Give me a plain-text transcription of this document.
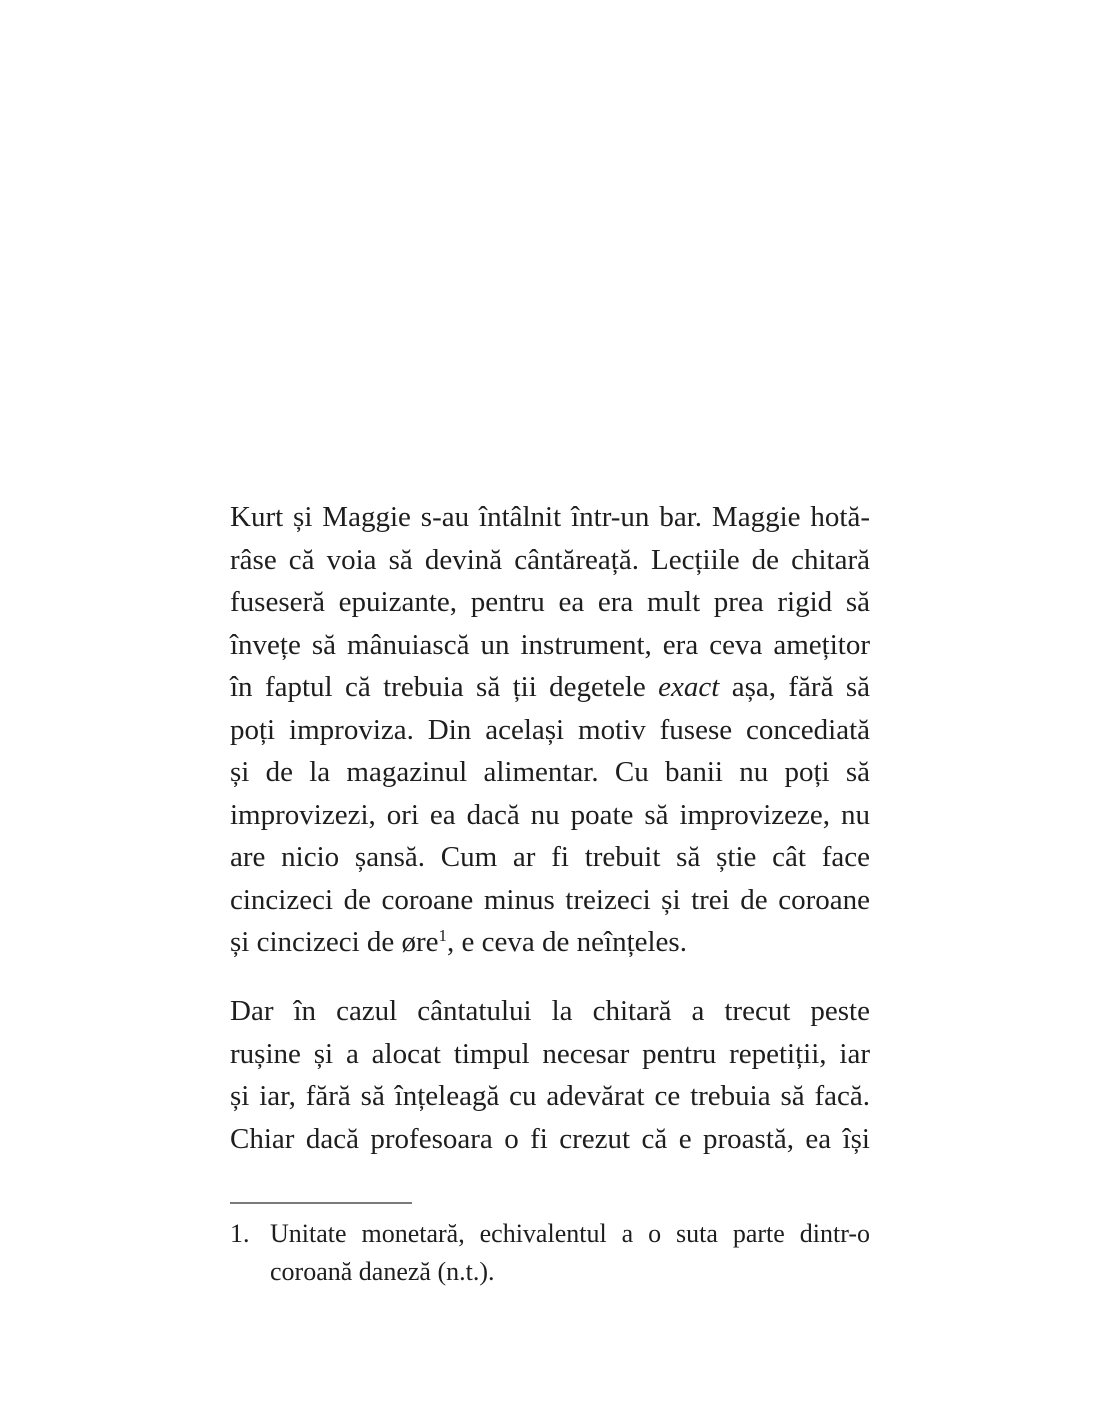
Kurt și Maggie s-au întâlnit într-un bar. Maggie hotă-
râse că voia să devină cântăreață. Lecțiile de chitară
fuseseră epuizante, pentru ea era mult prea rigid să
învețe să mânuiască un instrument, era ceva amețitor
în faptul că trebuia să ții degetele exact așa, fără să
poți improviza. Din același motiv fusese concediată
și de la magazinul alimentar. Cu banii nu poți să
improvizezi, ori ea dacă nu poate să improvizeze, nu
are nicio șansă. Cum ar fi trebuit să știe cât face
cincizeci de coroane minus treizeci și trei de coroane
și cincizeci de øre$^1$, e ceva de neînțeles.
Dar în cazul cântatului la chitară a trecut peste
rușine și a alocat timpul necesar pentru repetiții, iar
și iar, fără să înțeleagă cu adevărat ce trebuia să facă.
Chiar dacă profesoara o fi crezut că e proastă, ea își
1. Unitate monetară, echivalentul a o suta parte dintr-o
coroană daneză (n.t.).
